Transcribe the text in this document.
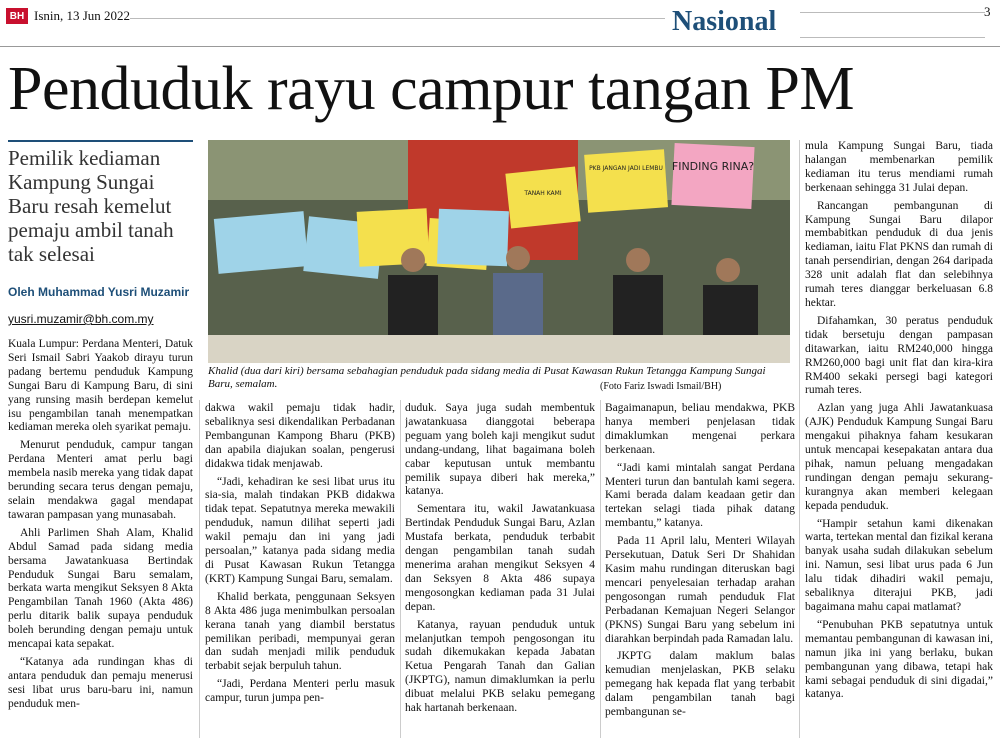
BH Isnin, 13 Jun 2022	Nasional	3
Penduduk rayu campur tangan PM
Pemilik kediaman Kampung Sungai Baru resah kemelut pemaju ambil tanah tak selesai
Oleh Muhammad Yusri Muzamir
yusri.muzamir@bh.com.my
FINDING RINA?
PKB JANGAN JADI LEMBU
TANAH KAMI
Khalid (dua dari kiri) bersama sebahagian penduduk pada sidang media di Pusat Kawasan Rukun Tetangga Kampung Sungai Baru, semalam.	(Foto Fariz Iswadi Ismail/BH)

Kuala Lumpur: Perdana Menteri, Datuk Seri Ismail Sabri Yaakob dirayu turun padang bertemu penduduk Kampung Sungai Baru di Kampung Baru, di sini yang runsing masih berdepan kemelut isu pengambilan tanah menempatkan kediaman mereka oleh syarikat pemaju.

Menurut penduduk, campur tangan Perdana Menteri amat perlu bagi membela nasib mereka yang tidak dapat berunding secara terus dengan pemaju, selain mendakwa gagal mendapat tawaran pampasan yang munasabah.

Ahli Parlimen Shah Alam, Khalid Abdul Samad pada sidang media bersama Jawatankuasa Bertindak Penduduk Sungai Baru semalam, berkata warta mengikut Seksyen 8 Akta Pengambilan Tanah 1960 (Akta 486) perlu ditarik balik supaya penduduk boleh berunding dengan pemaju untuk mencapai kata sepakat.

“Katanya ada rundingan khas di antara penduduk dan pemaju menerusi sesi libat urus baru-baru ini, namun penduduk men-

dakwa wakil pemaju tidak hadir, sebaliknya sesi dikendalikan Perbadanan Pembangunan Kampong Bharu (PKB) dan apabila diajukan soalan, pengerusi didakwa tidak menjawab.

“Jadi, kehadiran ke sesi libat urus itu sia-sia, malah tindakan PKB didakwa tidak tepat. Sepatutnya mereka mewakili penduduk, namun dilihat seperti jadi wakil pemaju dan ini yang jadi persoalan,” katanya pada sidang media di Pusat Kawasan Rukun Tetangga (KRT) Kampung Sungai Baru, semalam.

Khalid berkata, penggunaan Seksyen 8 Akta 486 juga menimbulkan persoalan kerana tanah yang diambil berstatus pemilikan peribadi, mempunyai geran dan sudah menjadi milik penduduk terbabit sejak berpuluh tahun.

“Jadi, Perdana Menteri perlu masuk campur, turun jumpa pen-

duduk. Saya juga sudah membentuk jawatankuasa dianggotai beberapa peguam yang boleh kaji mengikut sudut undang-undang, lihat bagaimana boleh cabar keputusan untuk membantu pemilik supaya diberi hak mereka,” katanya.

Sementara itu, wakil Jawatankuasa Bertindak Penduduk Sungai Baru, Azlan Mustafa berkata, penduduk terbabit dengan pengambilan tanah sudah menerima arahan mengikut Seksyen 4 dan Seksyen 8 Akta 486 supaya mengosongkan kediaman pada 31 Julai depan.

Katanya, rayuan penduduk untuk melanjutkan tempoh pengosongan itu sudah dikemukakan kepada Jabatan Ketua Pengarah Tanah dan Galian (JKPTG), namun dimaklumkan ia perlu dibuat melalui PKB selaku pemegang hak hartanah berkenaan.

Bagaimanapun, beliau mendakwa, PKB hanya memberi penjelasan tidak dimaklumkan mengenai perkara berkenaan.

“Jadi kami mintalah sangat Perdana Menteri turun dan bantulah kami segera. Kami berada dalam keadaan getir dan tertekan selagi tiada pihak datang membantu,” katanya.

Pada 11 April lalu, Menteri Wilayah Persekutuan, Datuk Seri Dr Shahidan Kasim mahu rundingan diteruskan bagi mencari penyelesaian terhadap arahan pengosongan rumah penduduk Flat Perbadanan Kemajuan Negeri Selangor (PKNS) Sungai Baru yang sebelum ini diarahkan berpindah pada Ramadan lalu.

JKPTG dalam maklum balas kemudian menjelaskan, PKB selaku pemegang hak kepada flat yang terbabit dalam pengambilan tanah bagi pembangunan se-

mula Kampung Sungai Baru, tiada halangan membenarkan pemilik kediaman itu terus mendiami rumah berkenaan sehingga 31 Julai depan.

Rancangan pembangunan di Kampung Sungai Baru dilapor membabitkan penduduk di dua jenis kediaman, iaitu Flat PKNS dan rumah di tanah persendirian, dengan 264 daripada 328 unit adalah flat dan selebihnya rumah teres dianggar berkeluasan 6.8 hektar.

Difahamkan, 30 peratus penduduk tidak bersetuju dengan pampasan ditawarkan, iaitu RM240,000 hingga RM260,000 bagi unit flat dan kira-kira RM400 sekaki persegi bagi kategori rumah teres.

Azlan yang juga Ahli Jawatankuasa (AJK) Penduduk Kampung Sungai Baru mengakui pihaknya faham kesukaran untuk mencapai kesepakatan antara dua pihak, namun peluang mengadakan rundingan dengan pemaju sekurang-kurangnya akan memberi kelegaan kepada penduduk.

“Hampir setahun kami dikenakan warta, tertekan mental dan fizikal kerana banyak usaha sudah dilakukan sebelum ini. Namun, sesi libat urus pada 6 Jun lalu tidak dihadiri wakil pemaju, sebaliknya diterajui PKB, jadi bagaimana mahu capai matlamat?

“Penubuhan PKB sepatutnya untuk memantau pembangunan di kawasan ini, namun jika ini yang berlaku, bukan pembangunan yang dibawa, tetapi hak kami sebagai penduduk di sini digadai,” katanya.
